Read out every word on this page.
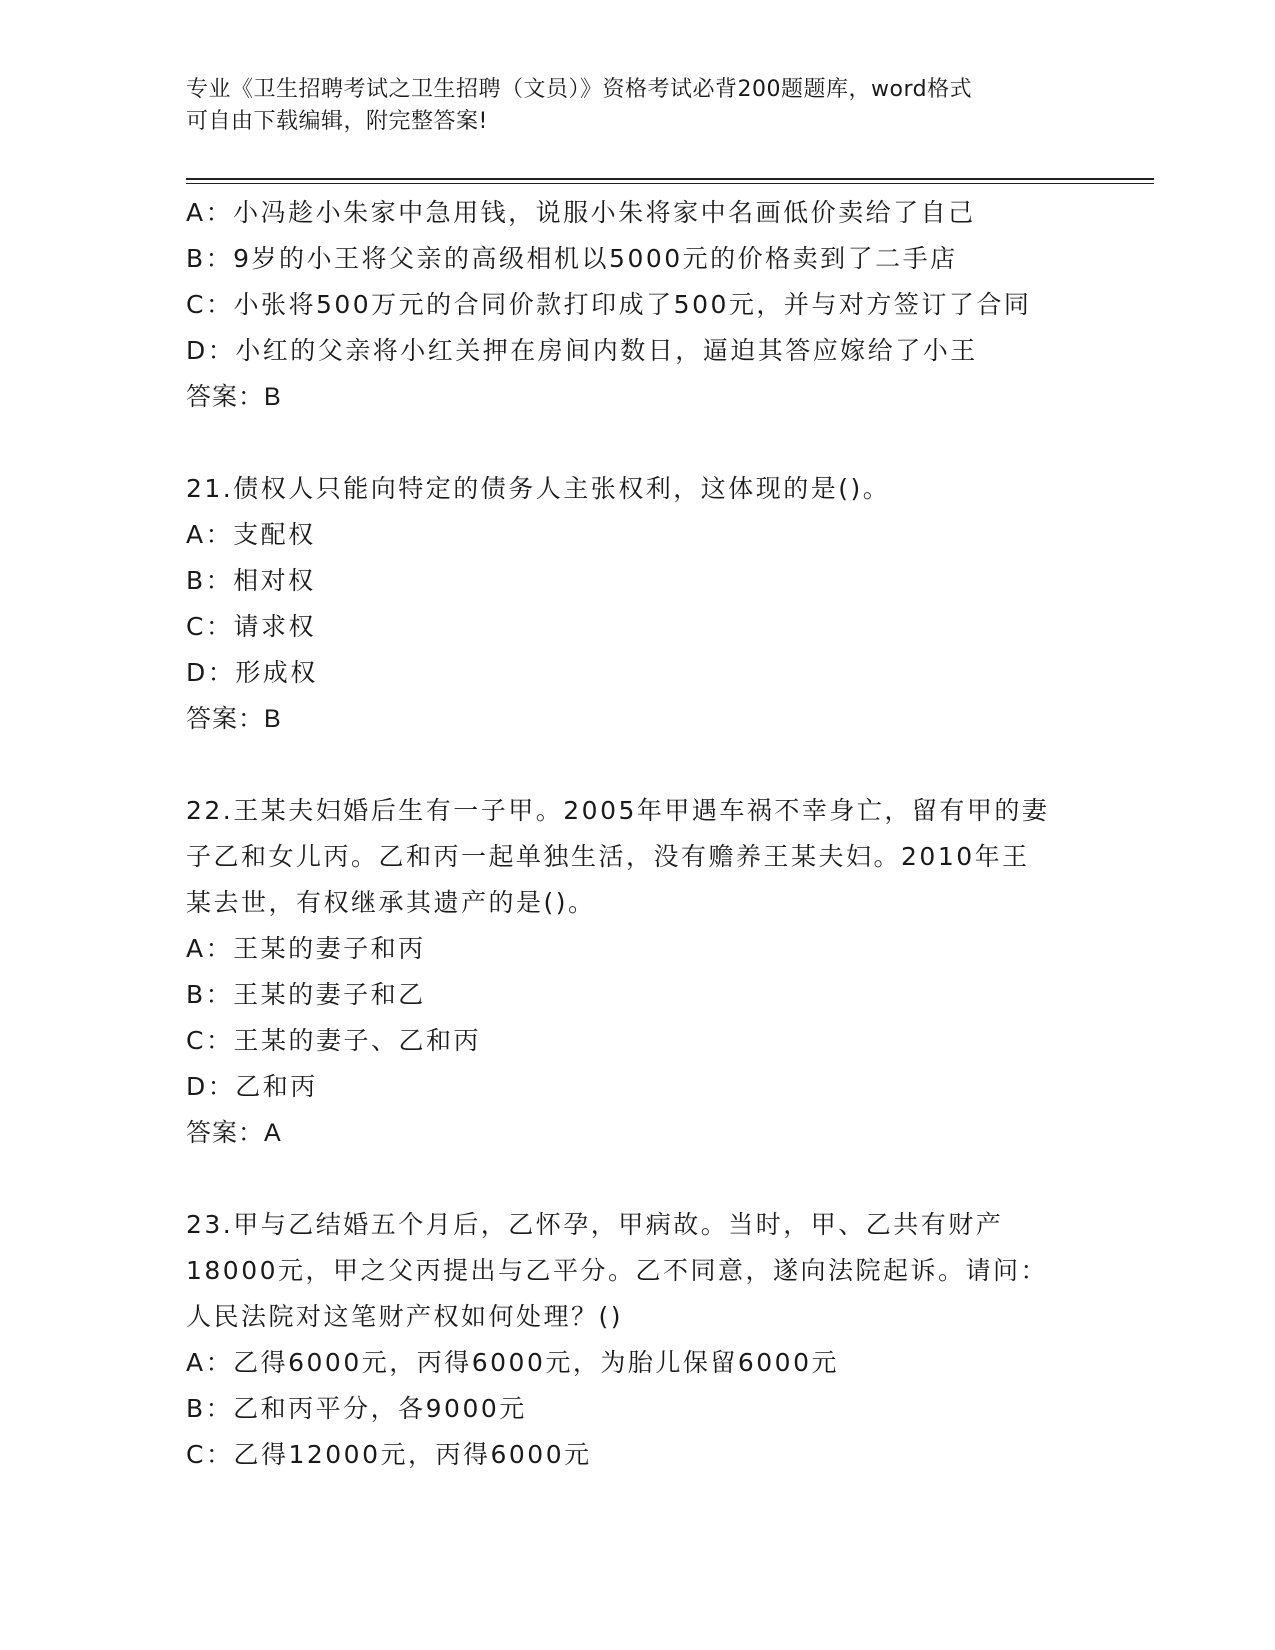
专业《卫生招聘考试之卫生招聘（文员）》资格考试必背200题题库，word格式
可自由下载编辑，附完整答案!
A：小冯趁小朱家中急用钱，说服小朱将家中名画低价卖给了自己
B：9岁的小王将父亲的高级相机以5000元的价格卖到了二手店
C：小张将500万元的合同价款打印成了500元，并与对方签订了合同
D：小红的父亲将小红关押在房间内数日，逼迫其答应嫁给了小王
答案：B
21.债权人只能向特定的债务人主张权利，这体现的是()。
A：支配权
B：相对权
C：请求权
D：形成权
答案：B
22.王某夫妇婚后生有一子甲。2005年甲遇车祸不幸身亡，留有甲的妻
子乙和女儿丙。乙和丙一起单独生活，没有赡养王某夫妇。2010年王
某去世，有权继承其遗产的是()。
A：王某的妻子和丙
B：王某的妻子和乙
C：王某的妻子、乙和丙
D：乙和丙
答案：A
23.甲与乙结婚五个月后，乙怀孕，甲病故。当时，甲、乙共有财产
18000元，甲之父丙提出与乙平分。乙不同意，遂向法院起诉。请问：
人民法院对这笔财产权如何处理？()
A：乙得6000元，丙得6000元，为胎儿保留6000元
B：乙和丙平分，各9000元
C：乙得12000元，丙得6000元
